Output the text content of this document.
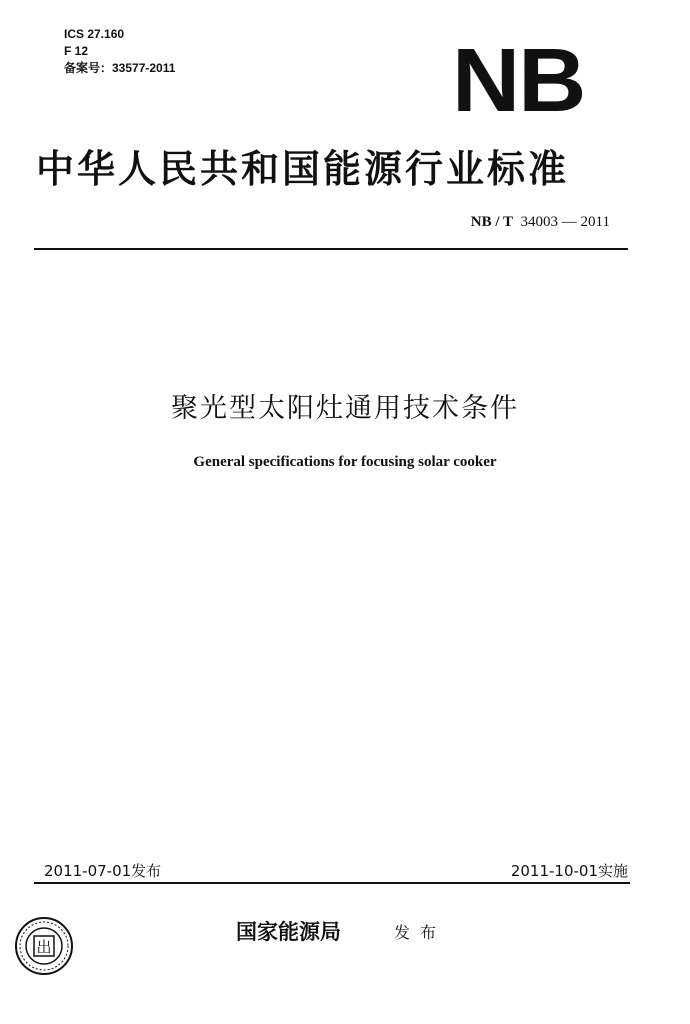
ICS 27.160
F 12
备案号：33577-2011	NB
中华人民共和国能源行业标准
NB / T 34003 — 2011
聚光型太阳灶通用技术条件
General specifications for focusing solar cooker
2011-07-01发布	2011-10-01实施
出
国家能源局	发布
